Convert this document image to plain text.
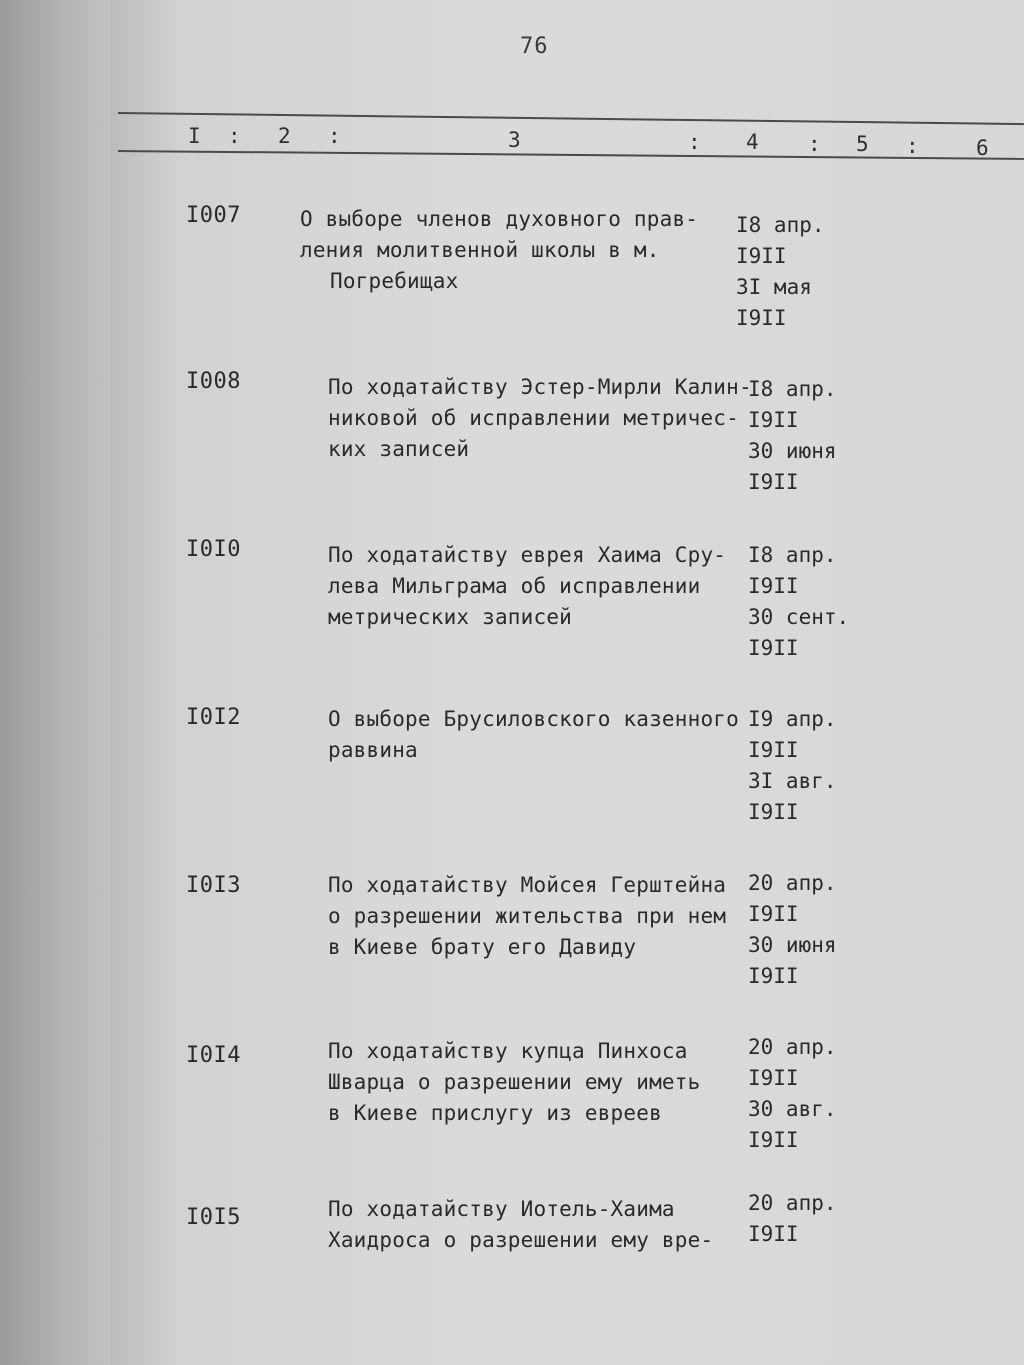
76
I : 2 :	3	: 4 : 5 :	6
I007	О выборе членов духовного прав-
ления молитвенной школы в м.
Погребищах
I8 апр.
I9II
3I мая
I9II
I008	По ходатайству Эстер-Мирли Калин-
никовой об исправлении метричес-
ких записей
I8 апр.
I9II
30 июня
I9II
I0I0	По ходатайству еврея Хаима Сру-
лева Мильграма об исправлении
метрических записей
I8 апр.
I9II
30 сент.
I9II
I0I2	О выборе Брусиловского казенного
раввина
I9 апр.
I9II
3I авг.
I9II
I0I3	По ходатайству Мойсея Герштейна
о разрешении жительства при нем
в Киеве брату его Давиду
20 апр.
I9II
30 июня
I9II
I0I4	По ходатайству купца Пинхоса
Шварца о разрешении ему иметь
в Киеве прислугу из евреев
20 апр.
I9II
30 авг.
I9II
I0I5	По ходатайству Иотель-Хаима
Хаидроса о разрешении ему вре-
20 апр.
I9II
